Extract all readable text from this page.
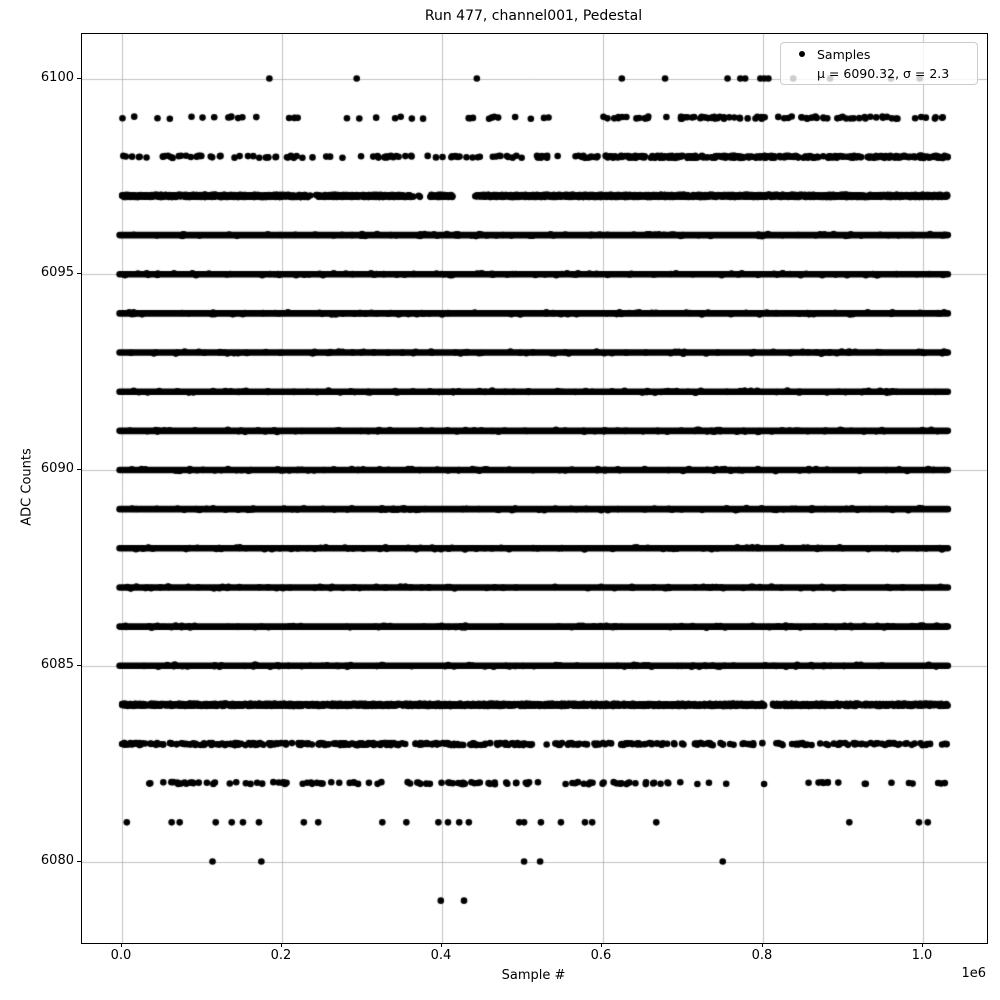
Run 477, channel001, Pedestal
0.0	0.2	0.4	0.6	0.8	1.0
6080
6085
6090
6095
6100
Sample #	1e6
ADC Counts
Samples
μ = 6090.32, σ = 2.3
